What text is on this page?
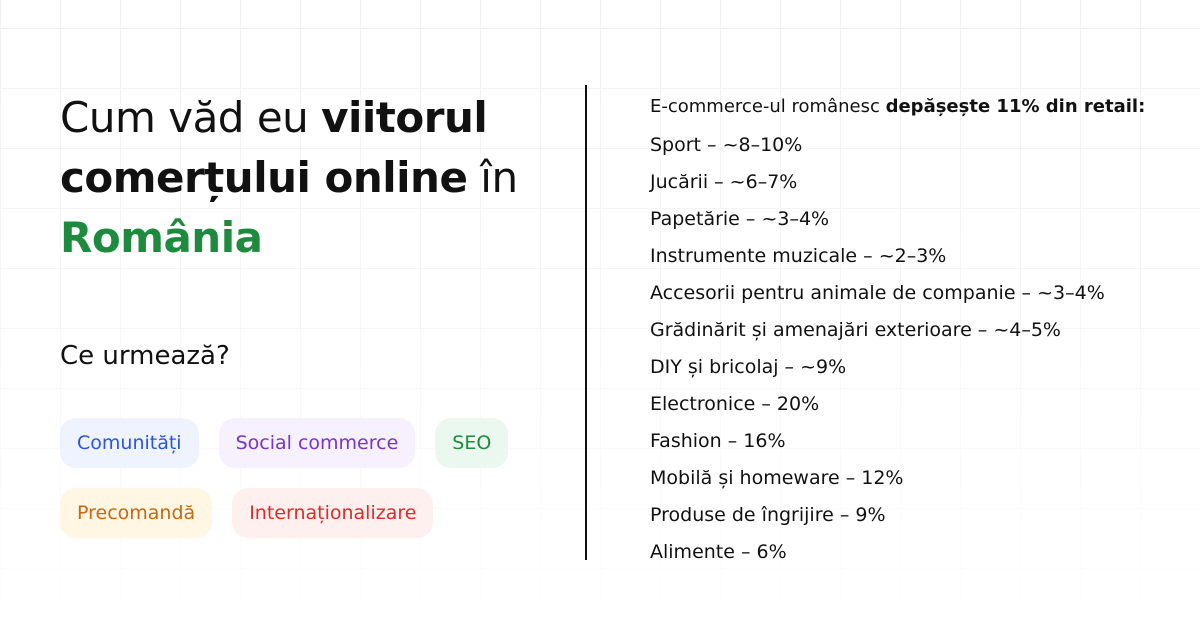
Cum văd eu viitorul
comerțului online în
România
Ce urmează?
Comunități	Social commerce	SEO
Precomandă	Internaționalizare
E-commerce-ul românesc depășește 11% din retail:
Sport – ~8–10%
Jucării – ~6–7%
Papetărie – ~3–4%
Instrumente muzicale – ~2–3%
Accesorii pentru animale de companie – ~3–4%
Grădinărit și amenajări exterioare – ~4–5%
DIY și bricolaj – ~9%
Electronice – 20%
Fashion – 16%
Mobilă și homeware – 12%
Produse de îngrijire – 9%
Alimente – 6%
